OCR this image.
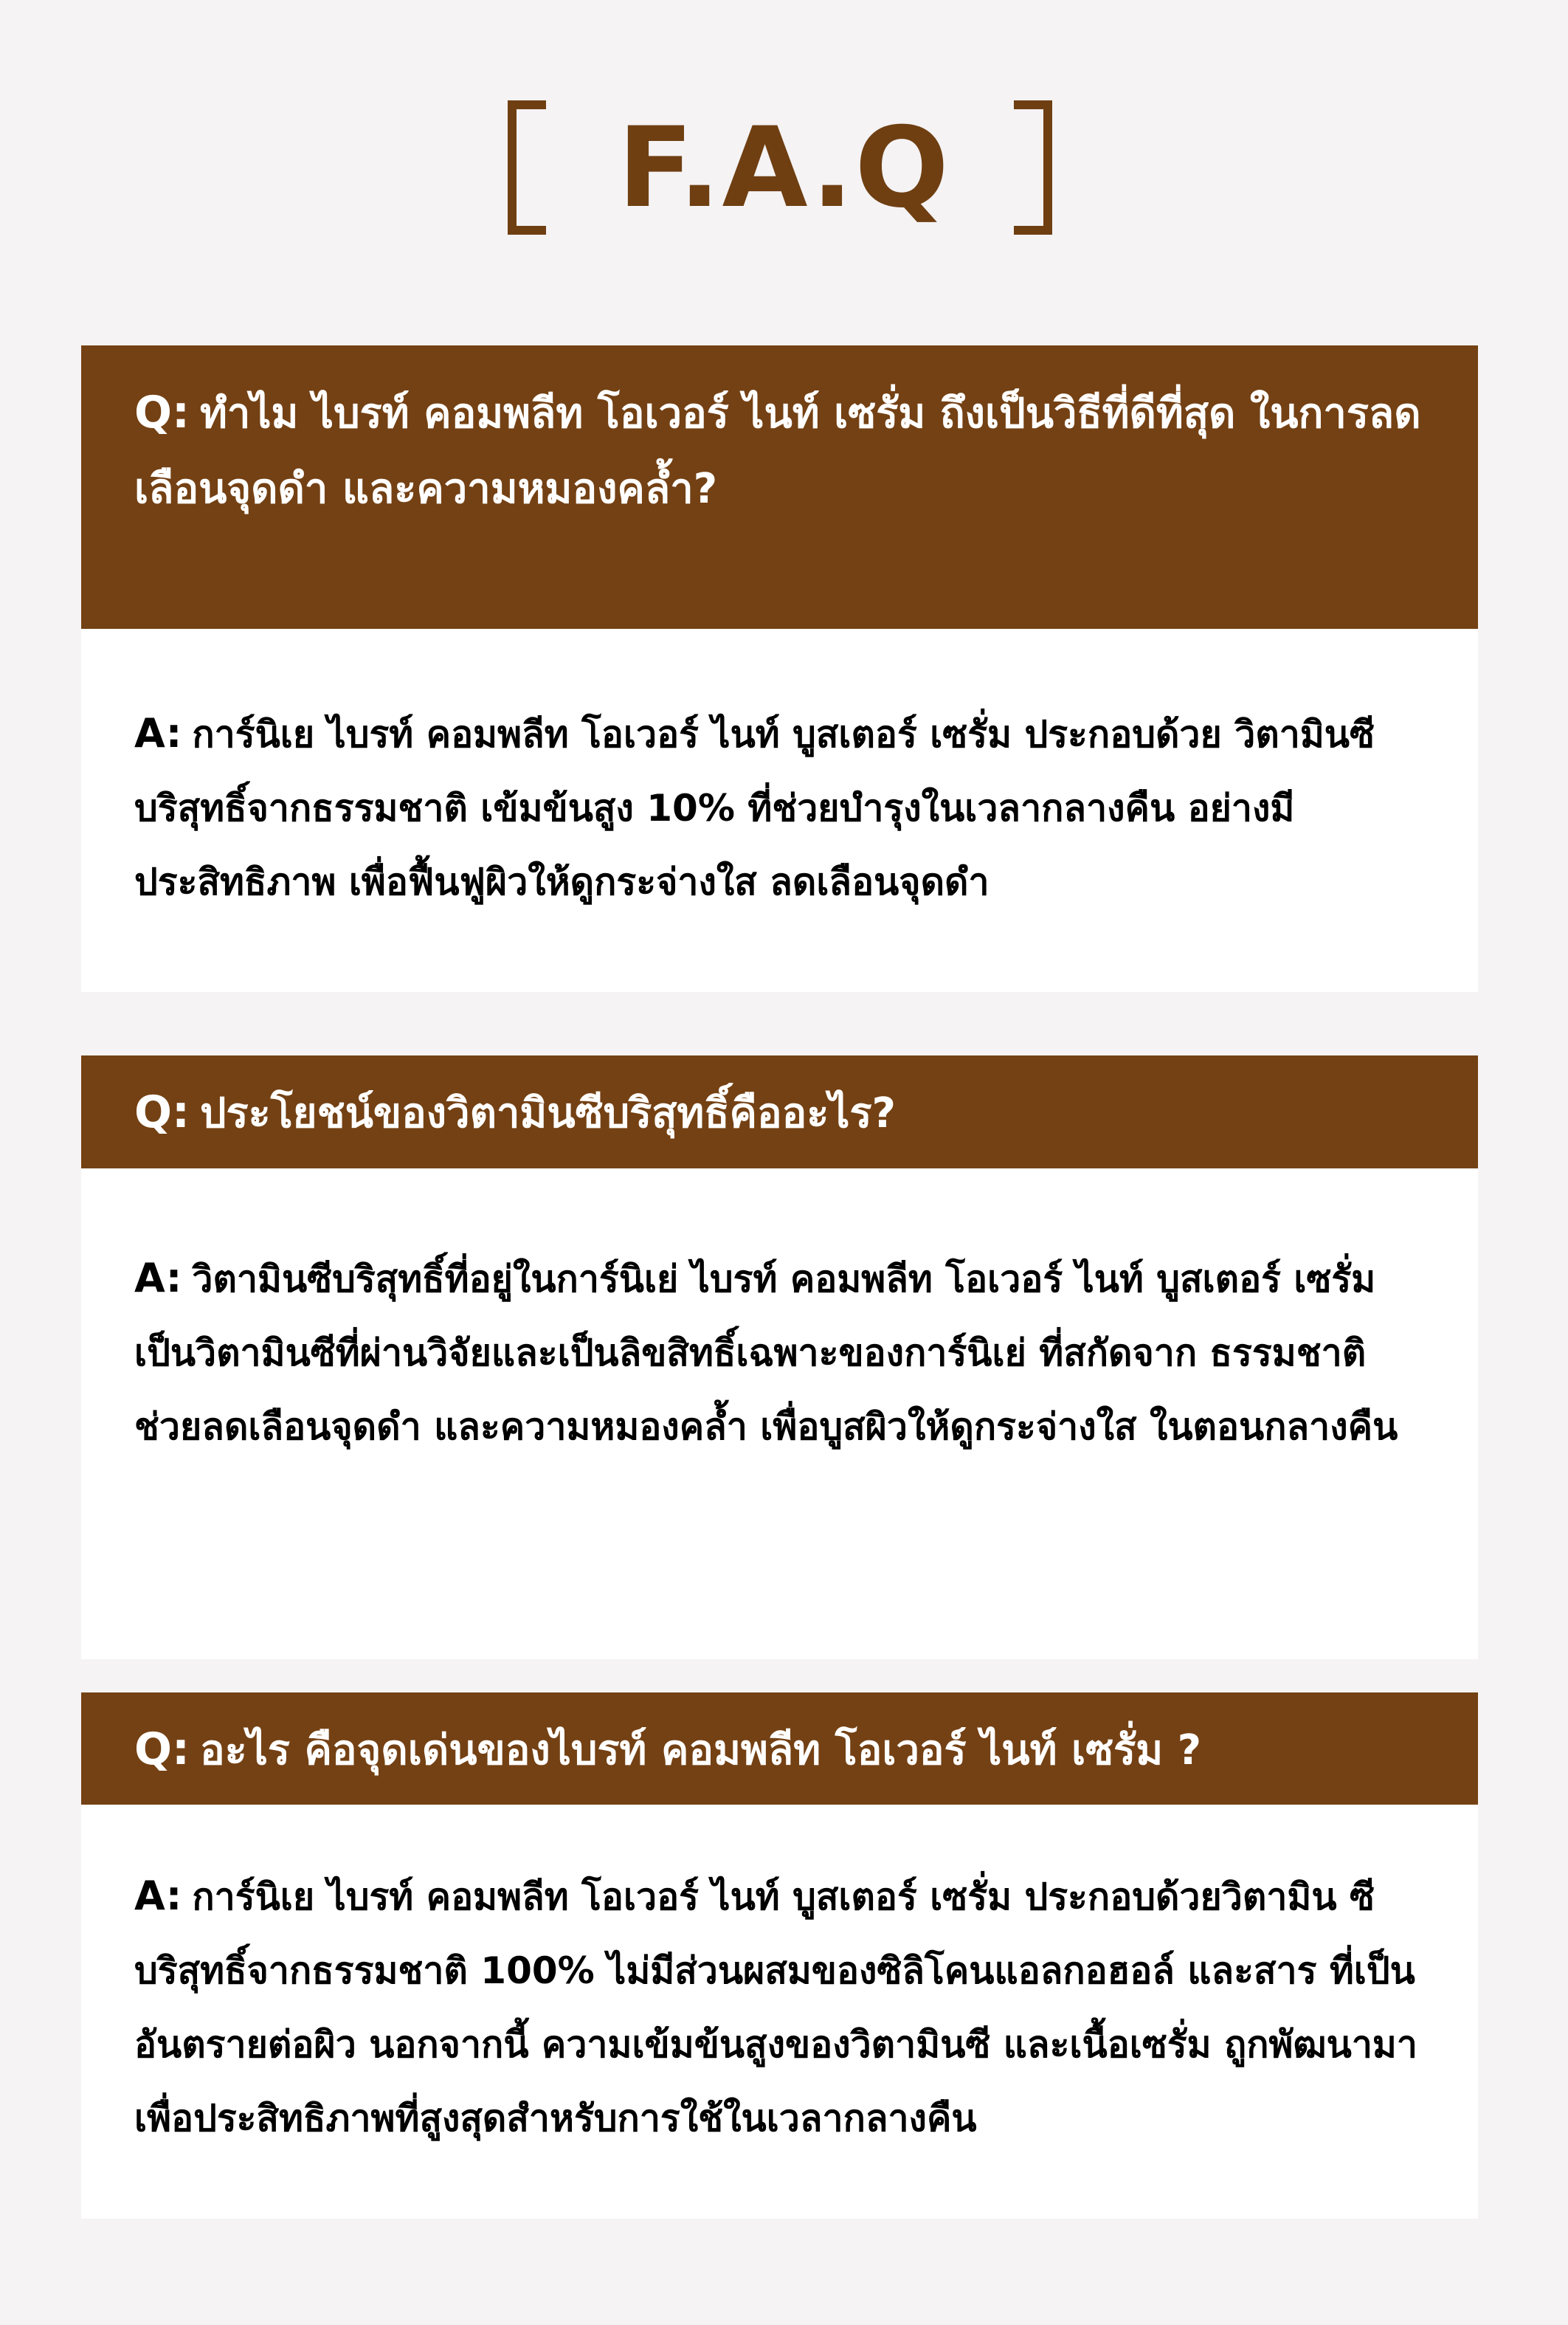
F.A.Q

Q: ทำไม ไบรท์ คอมพลีท โอเวอร์ ไนท์ เซรั่ม ถึงเป็นวิธีที่ดีที่สุด ในการลดเลือนจุดดำ และความหมองคล้ำ?

A: การ์นิเย ไบรท์ คอมพลีท โอเวอร์ ไนท์ บูสเตอร์ เซรั่ม ประกอบด้วย วิตามินซีบริสุทธิ์จากธรรมชาติ เข้มข้นสูง 10% ที่ช่วยบำรุงในเวลากลางคืน อย่างมีประสิทธิภาพ เพื่อฟื้นฟูผิวให้ดูกระจ่างใส ลดเลือนจุดดำ

Q: ประโยชน์ของวิตามินซีบริสุทธิ์คืออะไร?

A: วิตามินซีบริสุทธิ์ที่อยู่ในการ์นิเย่ ไบรท์ คอมพลีท โอเวอร์ ไนท์ บูสเตอร์ เซรั่ม เป็นวิตามินซีที่ผ่านวิจัยและเป็นลิขสิทธิ์เฉพาะของการ์นิเย่ ที่สกัดจาก ธรรมชาติ ช่วยลดเลือนจุดดำ และความหมองคล้ำ เพื่อบูสผิวให้ดูกระจ่างใส ในตอนกลางคืน

Q: อะไร คือจุดเด่นของไบรท์ คอมพลีท โอเวอร์ ไนท์ เซรั่ม ?

A: การ์นิเย ไบรท์ คอมพลีท โอเวอร์ ไนท์ บูสเตอร์ เซรั่ม ประกอบด้วยวิตามิน ซีบริสุทธิ์จากธรรมชาติ 100% ไม่มีส่วนผสมของซิลิโคนแอลกอฮอล์ และสาร ที่เป็นอันตรายต่อผิว นอกจากนี้ ความเข้มข้นสูงของวิตามินซี และเนื้อเซรั่ม ถูกพัฒนามาเพื่อประสิทธิภาพที่สูงสุดสำหรับการใช้ในเวลากลางคืน
